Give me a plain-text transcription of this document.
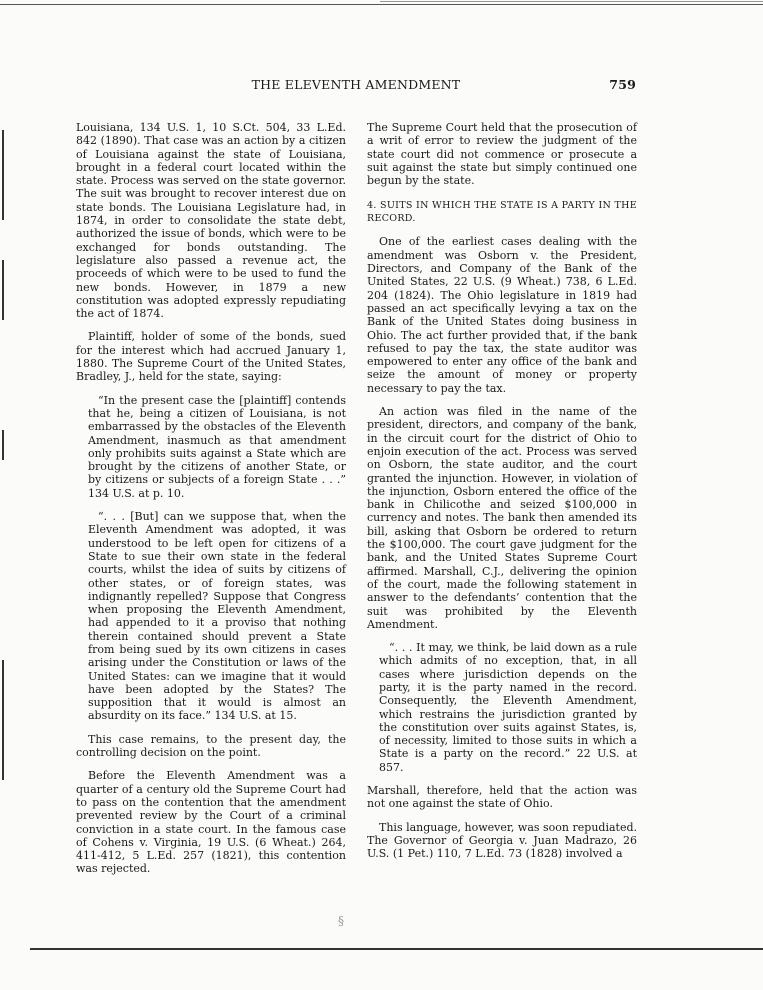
THE ELEVENTH AMENDMENT	759

Louisiana, 134 U.S. 1, 10 S.Ct. 504, 33 L.Ed. 842 (1890). That case was an action by a citizen of Louisiana against the state of Louisiana, brought in a federal court located within the state. Process was served on the state governor. The suit was brought to recover interest due on state bonds. The Louisiana Legislature had, in 1874, in order to consolidate the state debt, authorized the issue of bonds, which were to be exchanged for bonds outstanding. The legislature also passed a revenue act, the proceeds of which were to be used to fund the new bonds. However, in 1879 a new constitution was adopted expressly repudiating the act of 1874.

Plaintiff, holder of some of the bonds, sued for the interest which had accrued January 1, 1880. The Supreme Court of the United States, Bradley, J., held for the state, saying:

“In the present case the [plaintiff] contends that he, being a citizen of Louisiana, is not embarrassed by the obstacles of the Eleventh Amendment, inasmuch as that amendment only prohibits suits against a State which are brought by the citizens of another State, or by citizens or subjects of a foreign State . . .” 134 U.S. at p. 10.

“. . . [But] can we suppose that, when the Eleventh Amendment was adopted, it was understood to be left open for citizens of a State to sue their own state in the federal courts, whilst the idea of suits by citizens of other states, or of foreign states, was indignantly repelled? Suppose that Congress when proposing the Eleventh Amendment, had appended to it a proviso that nothing therein contained should prevent a State from being sued by its own citizens in cases arising under the Constitution or laws of the United States: can we imagine that it would have been adopted by the States? The supposition that it would is almost an absurdity on its face.” 134 U.S. at 15.

This case remains, to the present day, the controlling decision on the point.

Before the Eleventh Amendment was a quarter of a century old the Supreme Court had to pass on the contention that the amendment prevented review by the Court of a criminal conviction in a state court. In the famous case of Cohens v. Virginia, 19 U.S. (6 Wheat.) 264, 411-412, 5 L.Ed. 257 (1821), this contention was rejected.

The Supreme Court held that the prosecution of a writ of error to review the judgment of the state court did not commence or prosecute a suit against the state but simply continued one begun by the state.

4. SUITS IN WHICH THE STATE IS A PARTY IN THE RECORD.

One of the earliest cases dealing with the amendment was Osborn v. the President, Directors, and Company of the Bank of the United States, 22 U.S. (9 Wheat.) 738, 6 L.Ed. 204 (1824). The Ohio legislature in 1819 had passed an act specifically levying a tax on the Bank of the United States doing business in Ohio. The act further provided that, if the bank refused to pay the tax, the state auditor was empowered to enter any office of the bank and seize the amount of money or property necessary to pay the tax.

An action was filed in the name of the president, directors, and company of the bank, in the circuit court for the district of Ohio to enjoin execution of the act. Process was served on Osborn, the state auditor, and the court granted the injunction. However, in violation of the injunction, Osborn entered the office of the bank in Chilicothe and seized $100,000 in currency and notes. The bank then amended its bill, asking that Osborn be ordered to return the $100,000. The court gave judgment for the bank, and the United States Supreme Court affirmed. Marshall, C.J., delivering the opinion of the court, made the following statement in answer to the defendants’ contention that the suit was prohibited by the Eleventh Amendment.

“. . . It may, we think, be laid down as a rule which admits of no exception, that, in all cases where jurisdiction depends on the party, it is the party named in the record. Consequently, the Eleventh Amendment, which restrains the jurisdiction granted by the constitution over suits against States, is, of necessity, limited to those suits in which a State is a party on the record.” 22 U.S. at 857.

Marshall, therefore, held that the action was not one against the state of Ohio.

This language, however, was soon repudiated. The Governor of Georgia v. Juan Madrazo, 26 U.S. (1 Pet.) 110, 7 L.Ed. 73 (1828) involved a

§
